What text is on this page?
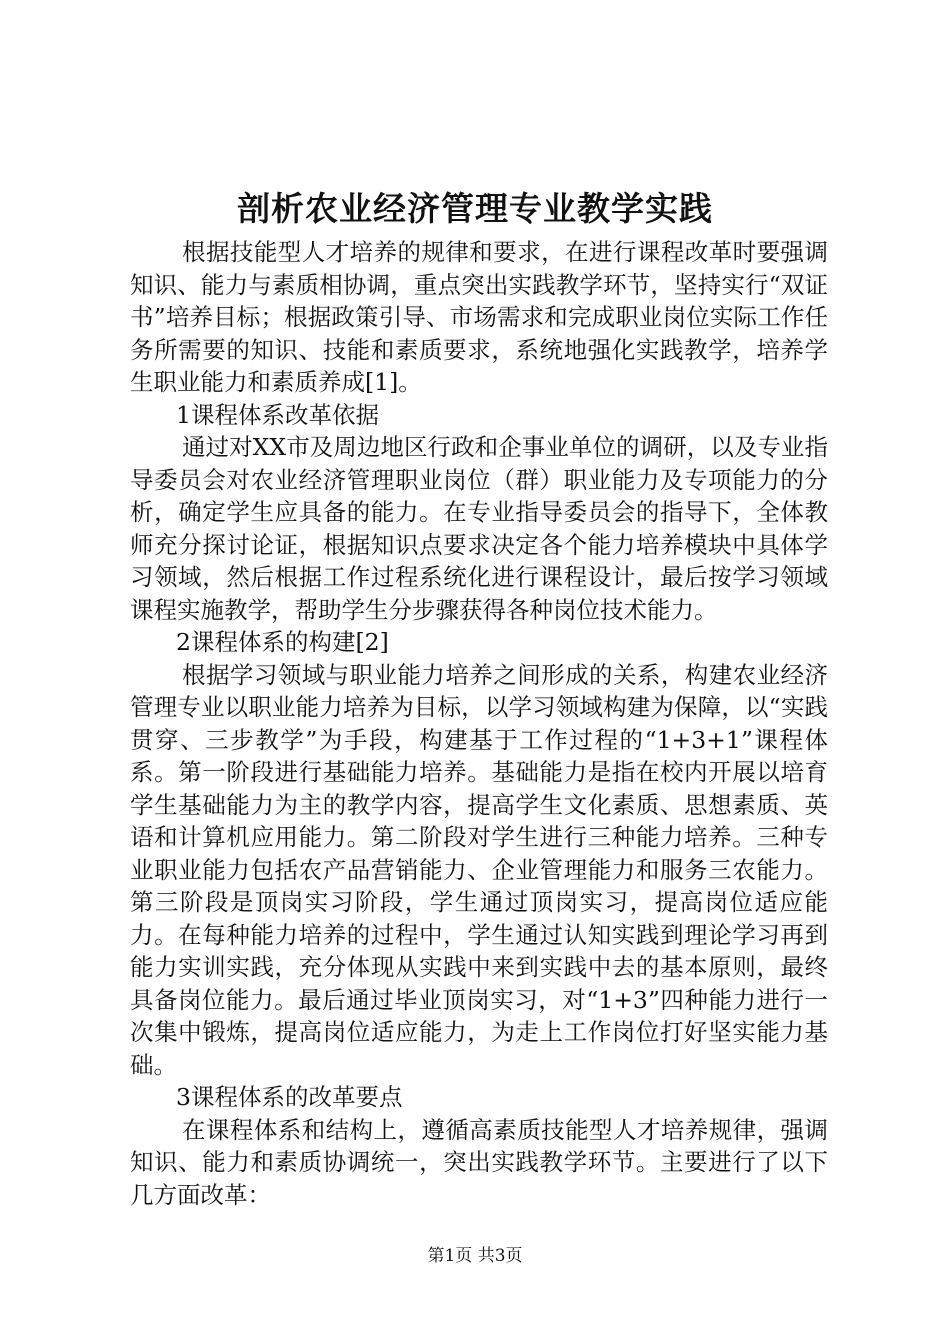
剖析农业经济管理专业教学实践

根据技能型人才培养的规律和要求，在进行课程改革时要强调知识、能力与素质相协调，重点突出实践教学环节，坚持实行“双证书”培养目标；根据政策引导、市场需求和完成职业岗位实际工作任务所需要的知识、技能和素质要求，系统地强化实践教学，培养学生职业能力和素质养成[1]。

1课程体系改革依据

通过对XX市及周边地区行政和企事业单位的调研，以及专业指导委员会对农业经济管理职业岗位（群）职业能力及专项能力的分析，确定学生应具备的能力。在专业指导委员会的指导下，全体教师充分探讨论证，根据知识点要求决定各个能力培养模块中具体学习领域，然后根据工作过程系统化进行课程设计，最后按学习领域课程实施教学，帮助学生分步骤获得各种岗位技术能力。

2课程体系的构建[2]

根据学习领域与职业能力培养之间形成的关系，构建农业经济管理专业以职业能力培养为目标，以学习领域构建为保障，以“实践贯穿、三步教学”为手段，构建基于工作过程的“1+3+1”课程体系。第一阶段进行基础能力培养。基础能力是指在校内开展以培育学生基础能力为主的教学内容，提高学生文化素质、思想素质、英语和计算机应用能力。第二阶段对学生进行三种能力培养。三种专业职业能力包括农产品营销能力、企业管理能力和服务三农能力。第三阶段是顶岗实习阶段，学生通过顶岗实习，提高岗位适应能力。在每种能力培养的过程中，学生通过认知实践到理论学习再到能力实训实践，充分体现从实践中来到实践中去的基本原则，最终具备岗位能力。最后通过毕业顶岗实习，对“1+3”四种能力进行一次集中锻炼，提高岗位适应能力，为走上工作岗位打好坚实能力基础。

3课程体系的改革要点

在课程体系和结构上，遵循高素质技能型人才培养规律，强调知识、能力和素质协调统一，突出实践教学环节。主要进行了以下几方面改革：

第1页 共3页
